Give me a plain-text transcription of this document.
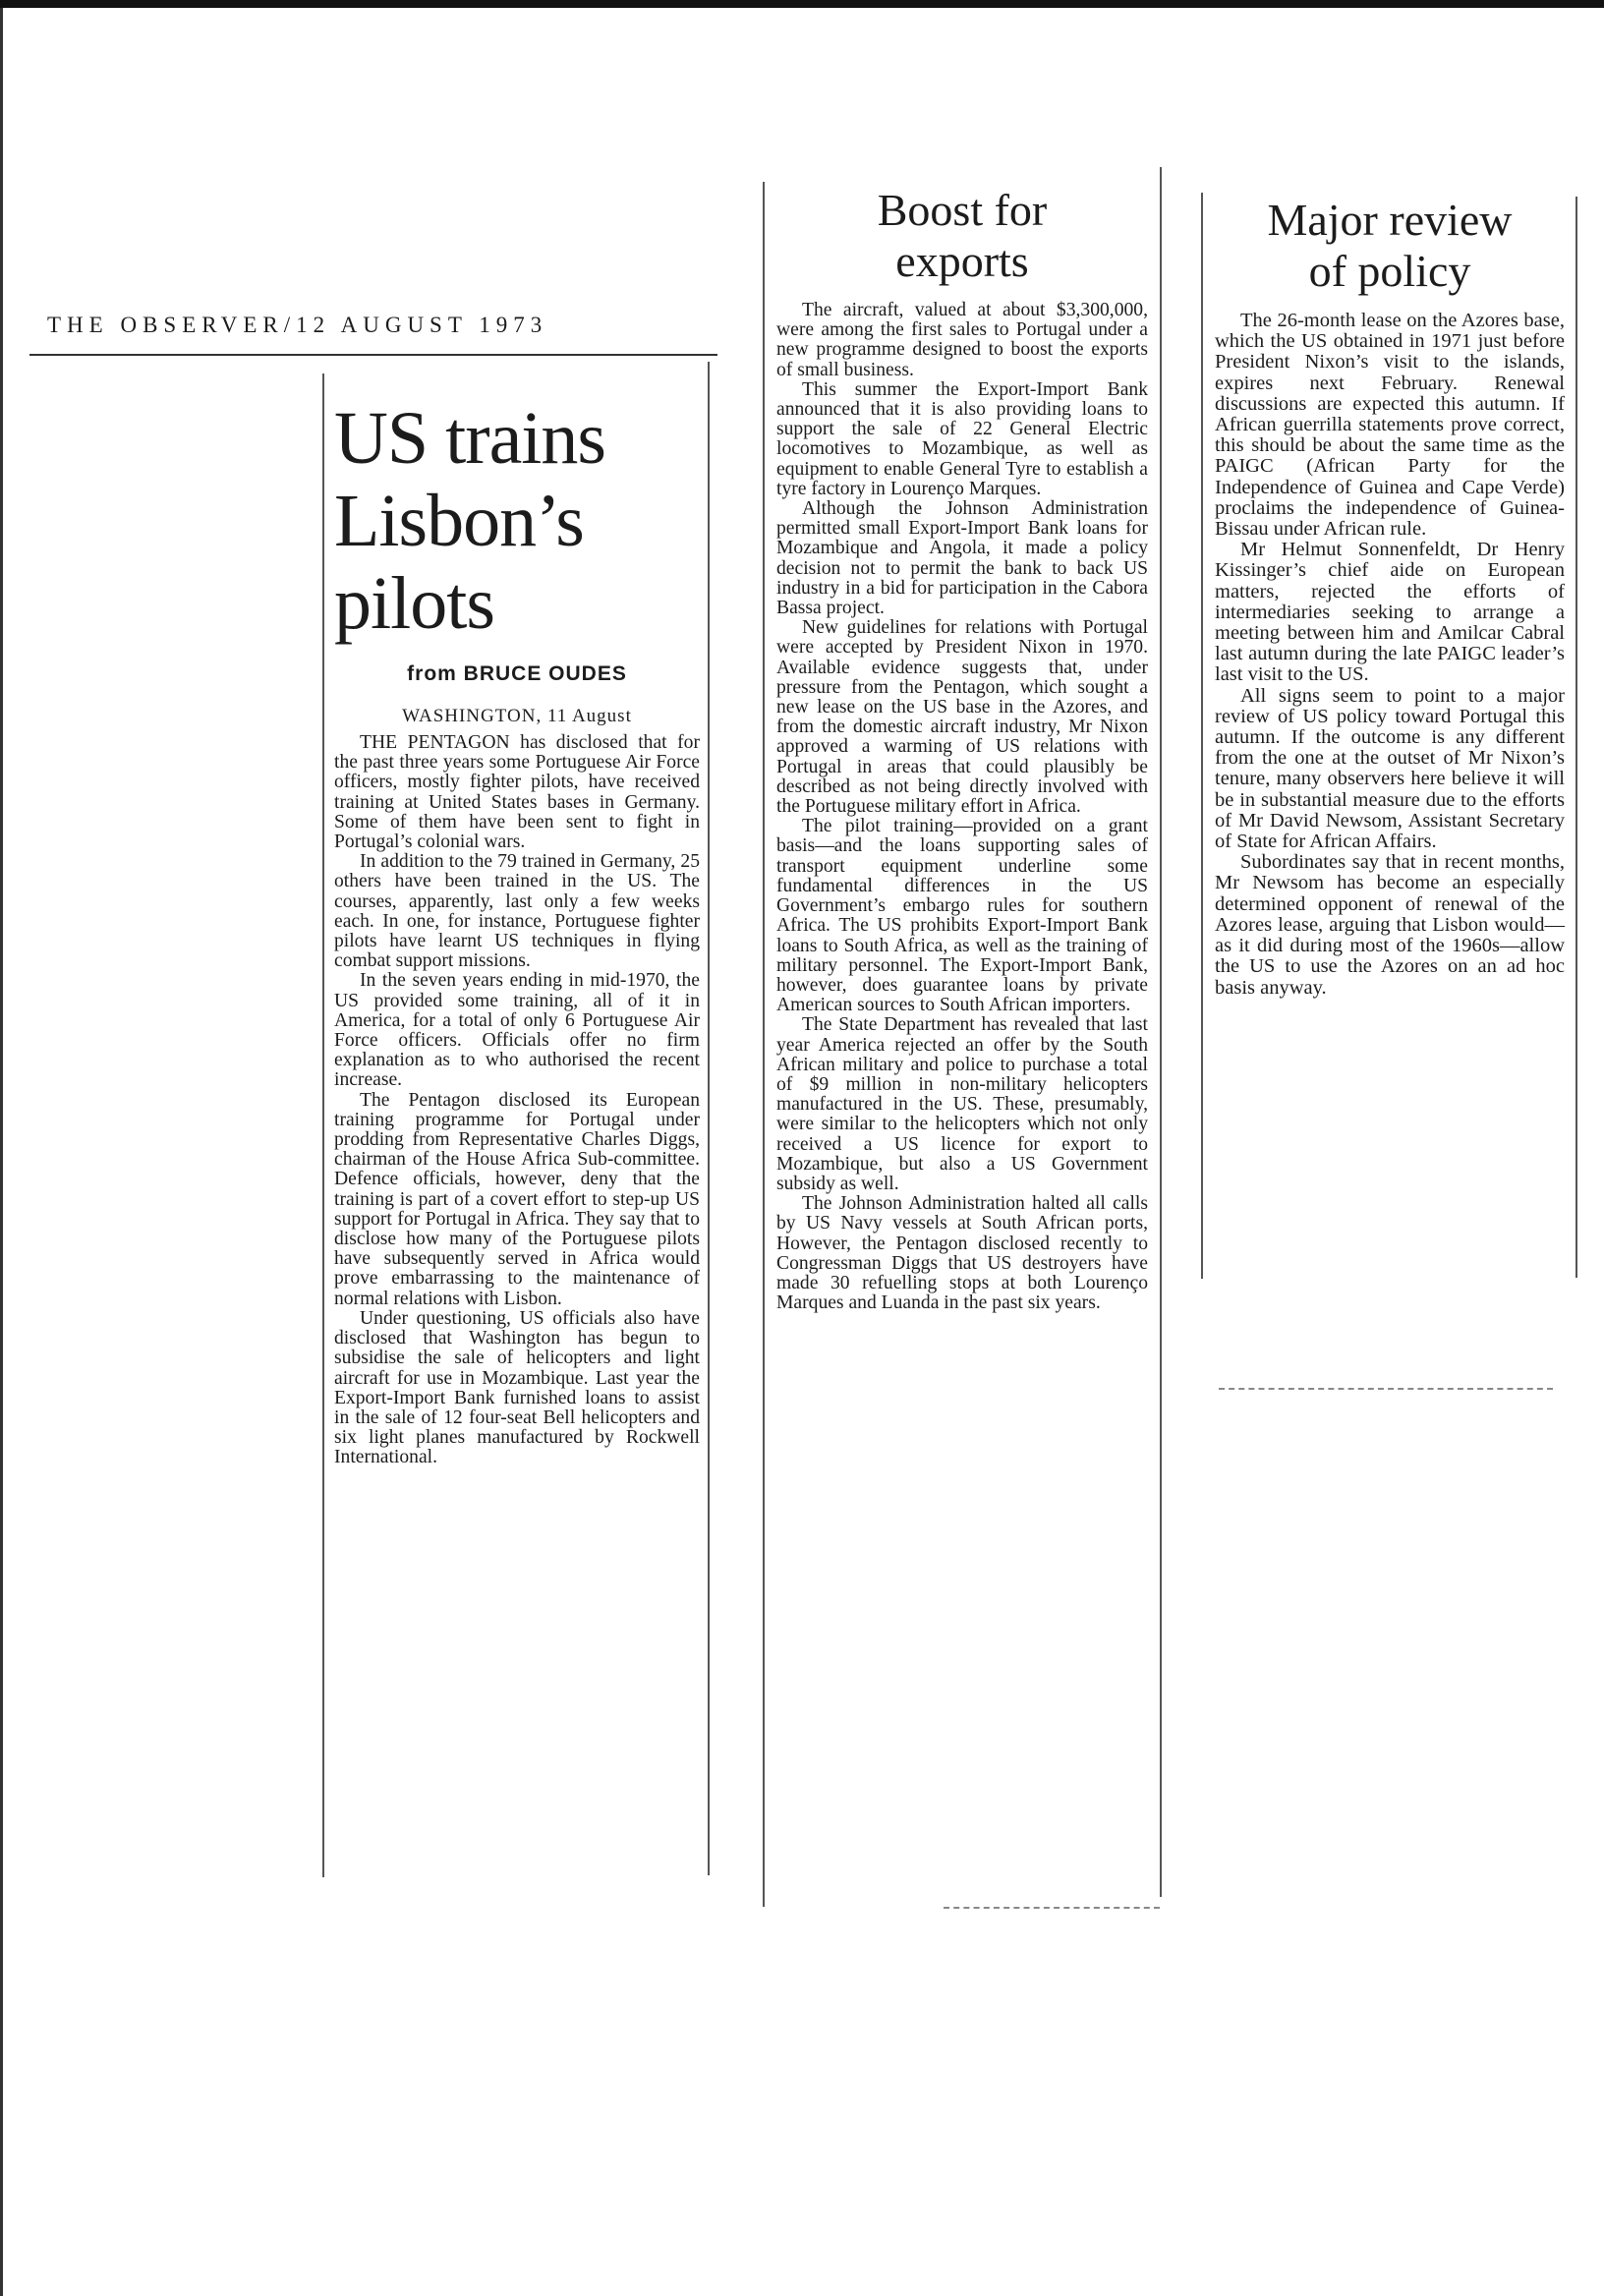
THE OBSERVER/12 AUGUST 1973
US trains
Lisbon’s
pilots
from BRUCE OUDES
WASHINGTON, 11 August

THE PENTAGON has disclosed that for the past three years some Portuguese Air Force officers, mostly fighter pilots, have received training at United States bases in Germany. Some of them have been sent to fight in Portugal’s colonial wars.

In addition to the 79 trained in Germany, 25 others have been trained in the US. The courses, apparently, last only a few weeks each. In one, for instance, Portuguese fighter pilots have learnt US techniques in flying combat support missions.

In the seven years ending in mid-1970, the US provided some training, all of it in America, for a total of only 6 Portuguese Air Force officers. Officials offer no firm explanation as to who authorised the recent increase.

The Pentagon disclosed its European training programme for Portugal under prodding from Representative Charles Diggs, chairman of the House Africa Sub-committee. Defence officials, however, deny that the training is part of a covert effort to step-up US support for Portugal in Africa. They say that to disclose how many of the Portuguese pilots have subsequently served in Africa would prove embarrassing to the maintenance of normal relations with Lisbon.

Under questioning, US officials also have disclosed that Washington has begun to subsidise the sale of helicopters and light aircraft for use in Mozambique. Last year the Export-Import Bank furnished loans to assist in the sale of 12 four-seat Bell helicopters and six light planes manufactured by Rockwell International.

Boost for
exports

The aircraft, valued at about $3,300,000, were among the first sales to Portugal under a new programme designed to boost the exports of small business.

This summer the Export-Import Bank announced that it is also providing loans to support the sale of 22 General Electric locomotives to Mozambique, as well as equipment to enable General Tyre to establish a tyre factory in Lourenço Marques.

Although the Johnson Administration permitted small Export-Import Bank loans for Mozambique and Angola, it made a policy decision not to permit the bank to back US industry in a bid for participation in the Cabora Bassa project.

New guidelines for relations with Portugal were accepted by President Nixon in 1970. Available evidence suggests that, under pressure from the Pentagon, which sought a new lease on the US base in the Azores, and from the domestic aircraft industry, Mr Nixon approved a warming of US relations with Portugal in areas that could plausibly be described as not being directly involved with the Portuguese military effort in Africa.

The pilot training—provided on a grant basis—and the loans supporting sales of transport equipment underline some fundamental differences in the US Government’s embargo rules for southern Africa. The US prohibits Export-Import Bank loans to South Africa, as well as the training of military personnel. The Export-Import Bank, however, does guarantee loans by private American sources to South African importers.

The State Department has revealed that last year America rejected an offer by the South African military and police to purchase a total of $9 million in non-military helicopters manufactured in the US. These, presumably, were similar to the helicopters which not only received a US licence for export to Mozambique, but also a US Government subsidy as well.

The Johnson Administration halted all calls by US Navy vessels at South African ports, However, the Pentagon disclosed recently to Congressman Diggs that US destroyers have made 30 refuelling stops at both Lourenço Marques and Luanda in the past six years.

Major review
of policy

The 26-month lease on the Azores base, which the US obtained in 1971 just before President Nixon’s visit to the islands, expires next February. Renewal discussions are expected this autumn. If African guerrilla statements prove correct, this should be about the same time as the PAIGC (African Party for the Independence of Guinea and Cape Verde) proclaims the independence of Guinea-Bissau under African rule.

Mr Helmut Sonnenfeldt, Dr Henry Kissinger’s chief aide on European matters, rejected the efforts of intermediaries seeking to arrange a meeting between him and Amilcar Cabral last autumn during the late PAIGC leader’s last visit to the US.

All signs seem to point to a major review of US policy toward Portugal this autumn. If the outcome is any different from the one at the outset of Mr Nixon’s tenure, many observers here believe it will be in substantial measure due to the efforts of Mr David Newsom, Assistant Secretary of State for African Affairs.

Subordinates say that in recent months, Mr Newsom has become an especially determined opponent of renewal of the Azores lease, arguing that Lisbon would—as it did during most of the 1960s—allow the US to use the Azores on an ad hoc basis anyway.
